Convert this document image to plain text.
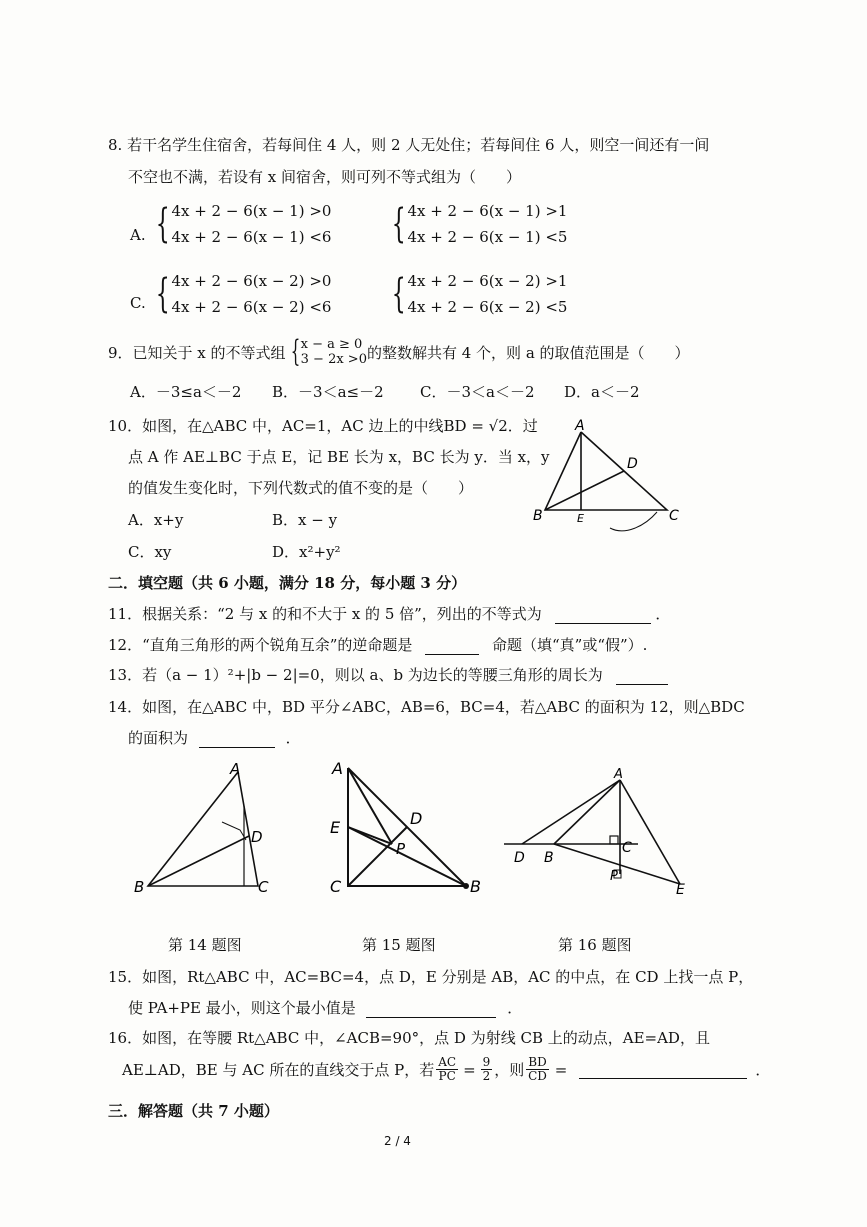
8. 若干名学生住宿舍，若每间住 4 人，则 2 人无处住；若每间住 6 人，则空一间还有一间
不空也不满，若设有 x 间宿舍，则可列不等式组为（　　）
A. { 4x + 2 − 6(x − 1) >0
4x + 2 − 6(x − 1) <6 { 4x + 2 − 6(x − 1) >1
4x + 2 − 6(x − 1) <5
C. { 4x + 2 − 6(x − 2) >0
4x + 2 − 6(x − 2) <6 { 4x + 2 − 6(x − 2) >1
4x + 2 − 6(x − 2) <5
9．已知关于 x 的不等式组 { x − a ≥ 0
3 − 2x >0 的整数解共有 4 个，则 a 的取值范围是（　　）
A．－3≤a＜－2 B．－3＜a≤－2 C．－3＜a＜－2 D．a＜－2
10．如图，在△ABC 中，AC=1，AC 边上的中线BD = √2．过
点 A 作 AE⊥BC 于点 E，记 BE 长为 x，BC 长为 y．当 x，y
的值发生变化时，下列代数式的值不变的是（　　）
A．x+y	B．x − y
C．xy	D．x²+y²
A
B	C
D
E
二．填空题（共 6 小题，满分 18 分，每小题 3 分）
11．根据关系：“2 与 x 的和不大于 x 的 5 倍”，列出的不等式为	．
12．“直角三角形的两个锐角互余”的逆命题是	命题（填“真”或“假”）.
13．若（a − 1）²+|b − 2|=0，则以 a、b 为边长的等腰三角形的周长为
14．如图，在△ABC 中，BD 平分∠ABC，AB=6，BC=4，若△ABC 的面积为 12，则△BDC
的面积为	．
A
B	C
D
第 14 题图
A
E
C	B
D
P
第 15 题图
A
D B
C
P
E
第 16 题图
15．如图，Rt△ABC 中，AC=BC=4，点 D，E 分别是 AB，AC 的中点，在 CD 上找一点 P，
使 PA+PE 最小，则这个最小值是	．
16．如图，在等腰 Rt△ABC 中，∠ACB=90°，点 D 为射线 CB 上的动点，AE=AD，且
AE⊥AD，BE 与 AC 所在的直线交于点 P，若 $\frac{AC}{PC} = \frac{9}{2}$ ，则 $\frac{BD}{CD}$ =	．
三．解答题（共 7 小题）
2 / 4
